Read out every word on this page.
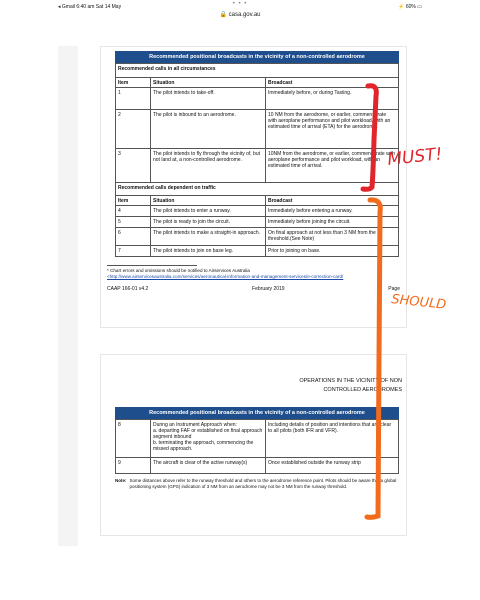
◂ Gmail 6:40 am Sat 14 May	• • •	⚡ 60% ▭
🔒 casa.gov.au
Recommended positional broadcasts in the vicinity of a non-controlled aerodrome
Recommended calls in all circumstances		
Item	Situation	Broadcast
1	The pilot intends to take-off.	Immediately before, or during Taxiing.
2	The pilot is inbound to an aerodrome.	10 NM from the aerodrome, or earlier, commensurate with aeroplane performance and pilot workload, with an estimated time of arrival (ETA) for the aerodrome.
3	The pilot intends to fly through the vicinity of, but not land at, a non-controlled aerodrome.	10NM from the aerodrome, or earlier, commensurate with aeroplane performance and pilot workload, with an estimated time of arrival.
Recommended calls dependent on traffic		
Item	Situation	Broadcast
4	The pilot intends to enter a runway.	Immediately before entering a runway.
5	The pilot is ready to join the circuit.	Immediately before joining the circuit.
6	The pilot intends to make a straight-in approach.	On final approach at not less than 3 NM from the threshold.(See Note)
7	The pilot intends to join on base leg.	Prior to joining on base.
* Chart errors and omissions should be notified to Airservices Australia
<http://www.airservicesaustralia.com/services/aeronautical-information-and-management-services/e-correction-card/
CAAP 166-01 v4.2	February 2019	Page
OPERATIONS IN THE VICINITY OF NON
CONTROLLED AERODROMES
Recommended positional broadcasts in the vicinity of a non-controlled aerodrome
8	During an Instrument Approach when:
a. departing FAF or established on final approach segment inbound
b. terminating the approach, commencing the missed approach.	Including details of position and intentions that are clear to all pilots (both IFR and VFR).
9	The aircraft is clear of the active runway(s)	Once established outside the runway strip
Note: Some distances above refer to the runway threshold and others to the aerodrome reference point. Pilots should be aware that a global positioning system (GPS) indication of 3 NM from an aerodrome may not be 3 NM from the runway threshold.
MUST!
SHOULD
